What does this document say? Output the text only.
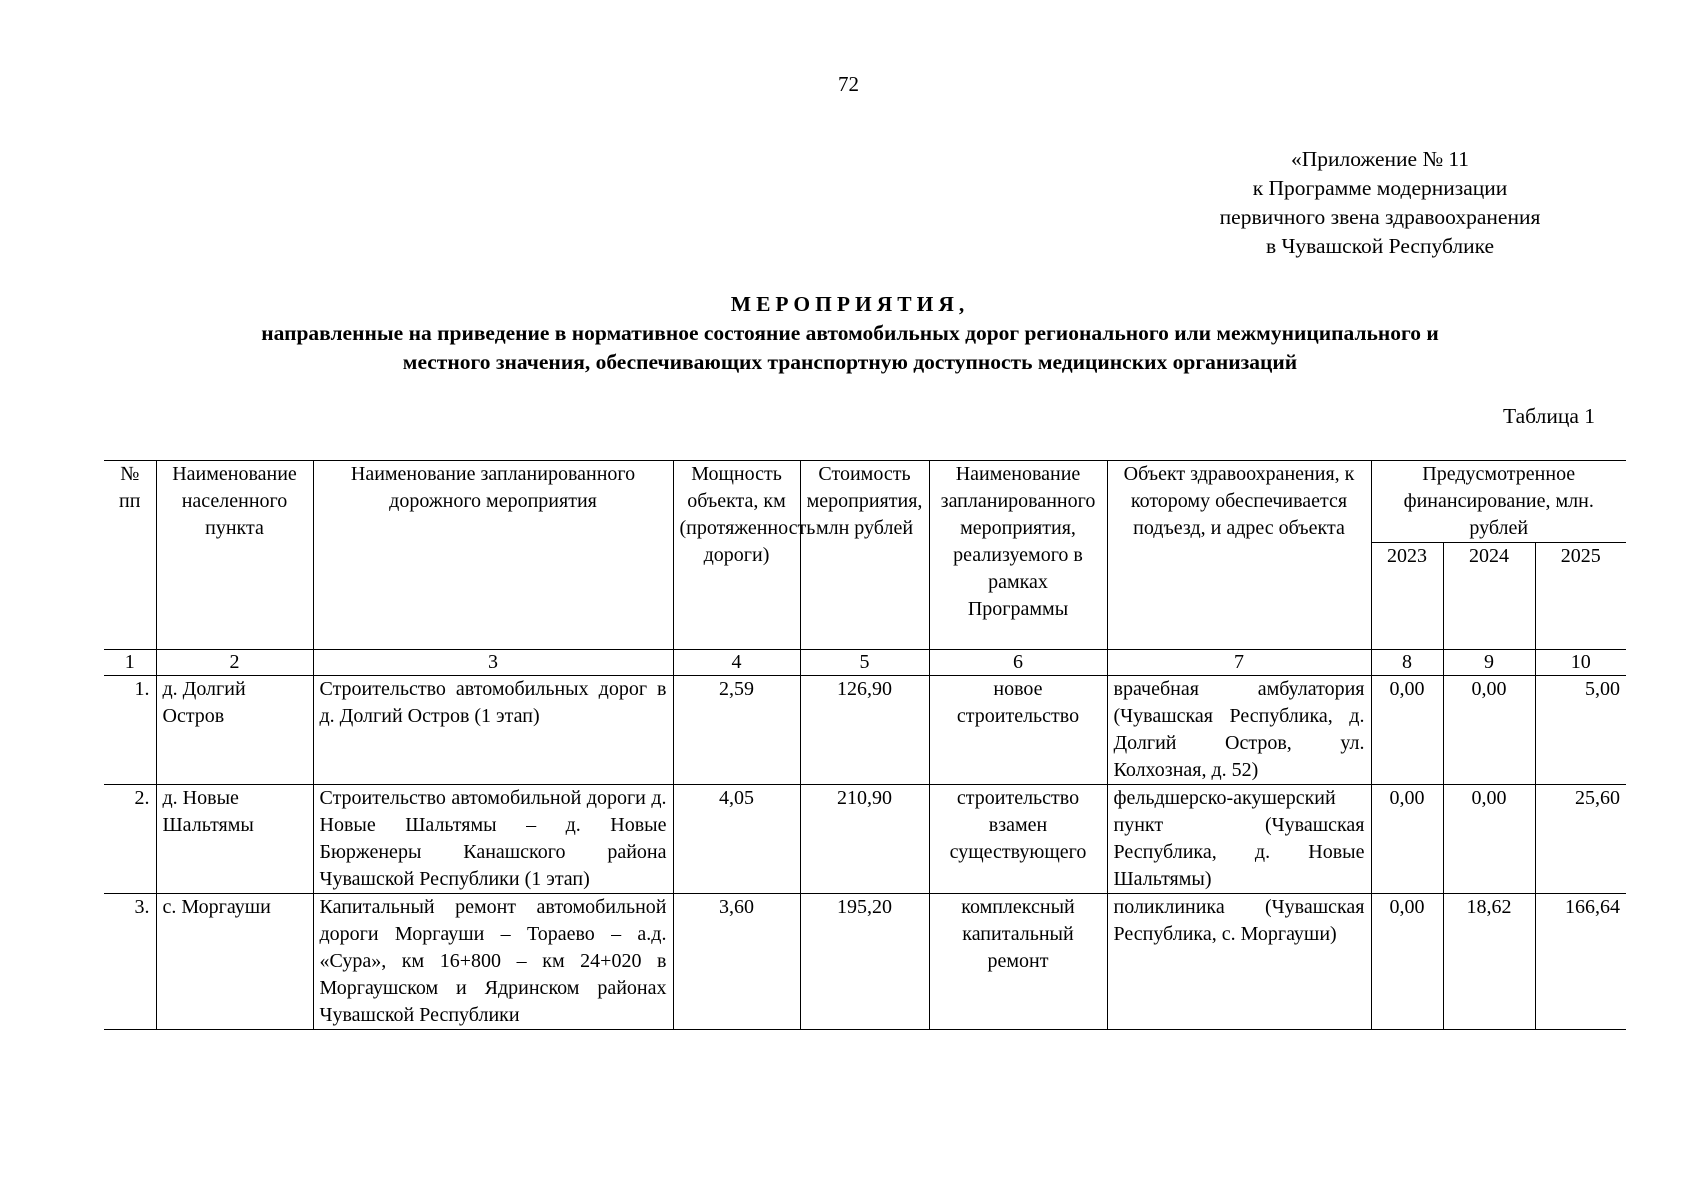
72
«Приложение № 11
к Программе модернизации
первичного звена здравоохранения
в Чувашской Республике
МЕРОПРИЯТИЯ,
направленные на приведение в нормативное состояние автомобильных дорог регионального или межмуниципального и
местного значения, обеспечивающих транспортную доступность медицинских организаций
Таблица 1
№ пп	Наименование населенного пункта	Наименование запланированного дорожного мероприятия	Мощность объекта, км (протяженность дороги)	Стоимость мероприятия, млн рублей	Наименование запланированного мероприятия, реализуемого в рамках Программы	Объект здравоохранения, к которому обеспечивается подъезд, и адрес объекта	Предусмотренное финансирование, млн. рублей		
							2023	2024	2025
1	2	3	4	5	6	7	8	9	10
1.	д. Долгий Остров	Строительство автомобильных дорог в д. Долгий Остров (1 этап)	2,59	126,90	новое строительство	врачебная амбулатория (Чувашская Республика, д. Долгий Остров, ул. Колхозная, д. 52)	0,00	0,00	5,00
2.	д. Новые Шальтямы	Строительство автомобильной дороги д. Новые Шальтямы – д. Новые Бюрженеры Канашского района Чувашской Республики (1 этап)	4,05	210,90	строительство взамен существующего	фельдшерско-акушерский пункт (Чувашская Республика, д. Новые Шальтямы)	0,00	0,00	25,60
3.	с. Моргауши	Капитальный ремонт автомобильной дороги Моргауши – Тораево – а.д. «Сура», км 16+800 – км 24+020 в Моргаушском и Ядринском районах Чувашской Республики	3,60	195,20	комплексный капитальный ремонт	поликлиника (Чувашская Республика, с. Моргауши)	0,00	18,62	166,64
